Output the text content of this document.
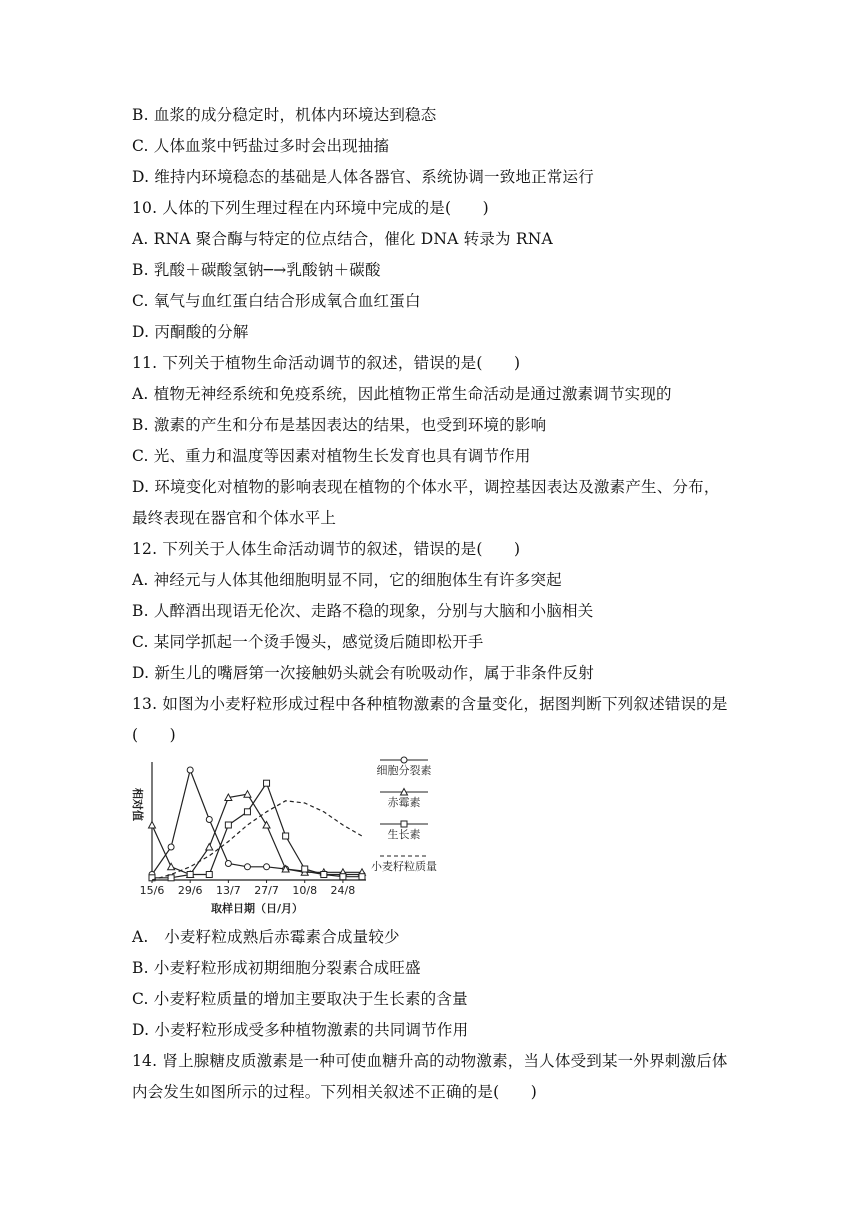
B. 血浆的成分稳定时，机体内环境达到稳态
C. 人体血浆中钙盐过多时会出现抽搐
D. 维持内环境稳态的基础是人体各器官、系统协调一致地正常运行
10. 人体的下列生理过程在内环境中完成的是(　　)
A. RNA 聚合酶与特定的位点结合，催化 DNA 转录为 RNA
B. 乳酸＋碳酸氢钠─→乳酸钠＋碳酸
C. 氧气与血红蛋白结合形成氧合血红蛋白
D. 丙酮酸的分解
11. 下列关于植物生命活动调节的叙述，错误的是(　　)
A. 植物无神经系统和免疫系统，因此植物正常生命活动是通过激素调节实现的
B. 激素的产生和分布是基因表达的结果，也受到环境的影响
C. 光、重力和温度等因素对植物生长发育也具有调节作用
D. 环境变化对植物的影响表现在植物的个体水平，调控基因表达及激素产生、分布，
最终表现在器官和个体水平上
12. 下列关于人体生命活动调节的叙述，错误的是(　　)
A. 神经元与人体其他细胞明显不同，它的细胞体生有许多突起
B. 人醉酒出现语无伦次、走路不稳的现象，分别与大脑和小脑相关
C. 某同学抓起一个烫手馒头，感觉烫后随即松开手
D. 新生儿的嘴唇第一次接触奶头就会有吮吸动作，属于非条件反射
13. 如图为小麦籽粒形成过程中各种植物激素的含量变化，据图判断下列叙述错误的是
(　　)
相对值
15/6 29/6 13/7 27/7 10/8 24/8
取样日期（日/月）
细胞分裂素
赤霉素
生长素
小麦籽粒质量
A.　小麦籽粒成熟后赤霉素合成量较少
B. 小麦籽粒形成初期细胞分裂素合成旺盛
C. 小麦籽粒质量的增加主要取决于生长素的含量
D. 小麦籽粒形成受多种植物激素的共同调节作用
14. 肾上腺糖皮质激素是一种可使血糖升高的动物激素，当人体受到某一外界刺激后体
内会发生如图所示的过程。下列相关叙述不正确的是(　　)
